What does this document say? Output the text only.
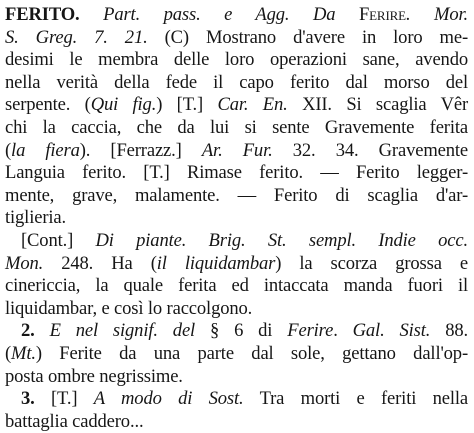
FERITO. Part. pass. e Agg. Da Ferire. Mor.
S. Greg. 7. 21. (C) Mostrano d'avere in loro me-
desimi le membra delle loro operazioni sane, avendo
nella verità della fede il capo ferito dal morso del
serpente. (Qui fig.) [T.] Car. En. XII. Si scaglia Vêr
chi la caccia, che da lui si sente Gravemente ferita
(la fiera). [Ferrazz.] Ar. Fur. 32. 34. Gravemente
Languia ferito. [T.] Rimase ferito. — Ferito legger-
mente, grave, malamente. — Ferito di scaglia d'ar-
tiglieria.
[Cont.] Di piante. Brig. St. sempl. Indie occ.
Mon. 248. Ha (il liquidambar) la scorza grossa e
cinericcia, la quale ferita ed intaccata manda fuori il
liquidambar, e così lo raccolgono.
2. E nel signif. del § 6 di Ferire. Gal. Sist. 88.
(Mt.) Ferite da una parte dal sole, gettano dall'op-
posta ombre negrissime.
3. [T.] A modo di Sost. Tra morti e feriti nella
battaglia caddero...
